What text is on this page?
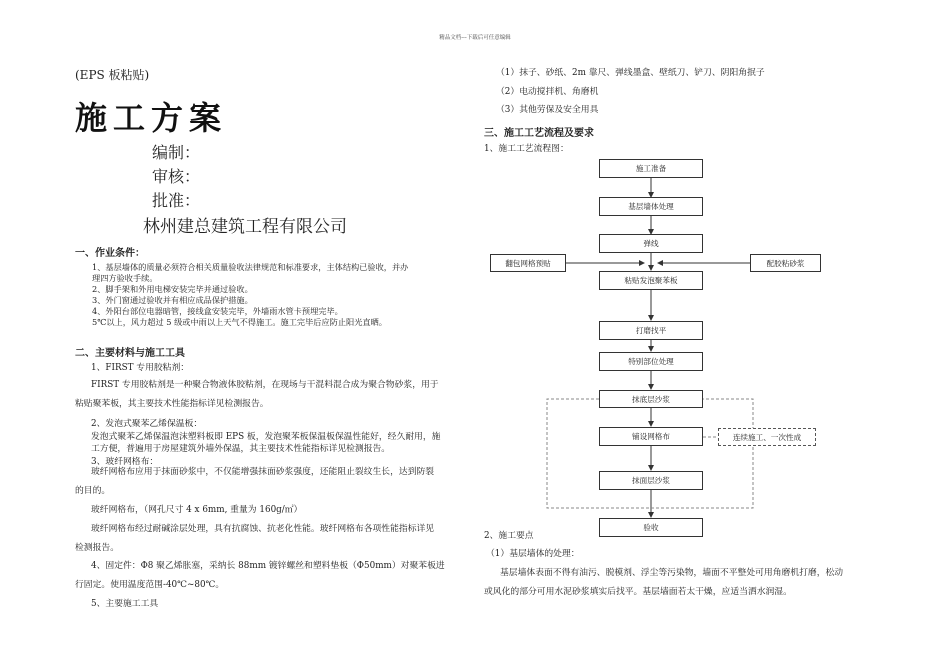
精品文档---下载后可任意编辑
(EPS 板粘贴)
施工方案
编制：
审核：
批准：
林州建总建筑工程有限公司
一、作业条件：
1、基层墙体的质量必须符合相关质量验收法律规范和标准要求，主体结构已验收，并办
理四方验收手续。
2、脚手架和外用电梯安装完毕并通过验收。
3、外门窗通过验收并有相应成品保护措施。
4、外阳台部位电器暗管，接线盒安装完毕，外墙雨水管卡预埋完毕。
5℃以上，风力超过 5 级或中雨以上天气不得施工。施工完毕后应防止阳光直晒。
二、主要材料与施工工具
1、FIRST 专用胶粘剂：
FIRST 专用胶粘剂是一种聚合物液体胶粘剂，在现场与干混料混合成为聚合物砂浆，用于
粘贴聚苯板，其主要技术性能指标详见检测报告。
2、发泡式聚苯乙烯保温板：
发泡式聚苯乙烯保温泡沫塑料板即 EPS 板，发泡聚苯板保温板保温性能好，经久耐用，施
工方便，普遍用于房屋建筑外墙外保温，其主要技术性能指标详见检测报告。
3、玻纤网格布：
玻纤网格布应用于抹面砂浆中，不仅能增强抹面砂浆强度，还能阻止裂纹生长，达到防裂
的目的。
玻纤网格布，（网孔尺寸 4 x 6mm, 重量为 160g/㎡）
玻纤网格布经过耐碱涂层处理，具有抗腐蚀、抗老化性能。玻纤网格布各项性能指标详见
检测报告。
4、固定件：Φ8 聚乙烯胀塞，采纳长 88mm 镀锌螺丝和塑料垫板（Φ50mm）对聚苯板进
行固定。使用温度范围-40℃~80℃。
5、主要施工工具
（1）抹子、砂纸、2m 靠尺、弹线墨盒、壁纸刀、铲刀、阴阳角抿子
（2）电动搅拌机、角磨机
（3）其他劳保及安全用具
三、施工工艺流程及要求
1、施工工艺流程图：
施工准备
基层墙体处理
弹线
粘贴发泡聚苯板
打磨找平
特别部位处理
抹底层沙浆
铺设网格布
抹面层沙浆
验收
翻包网格预贴	配胶粘砂浆
连续施工、一次性成
2、施工要点
（1）基层墙体的处理：
基层墙体表面不得有油污、脱模剂、浮尘等污染物，墙面不平整处可用角磨机打磨，松动
或风化的部分可用水泥砂浆填实后找平。基层墙面若太干燥，应适当洒水润湿。
